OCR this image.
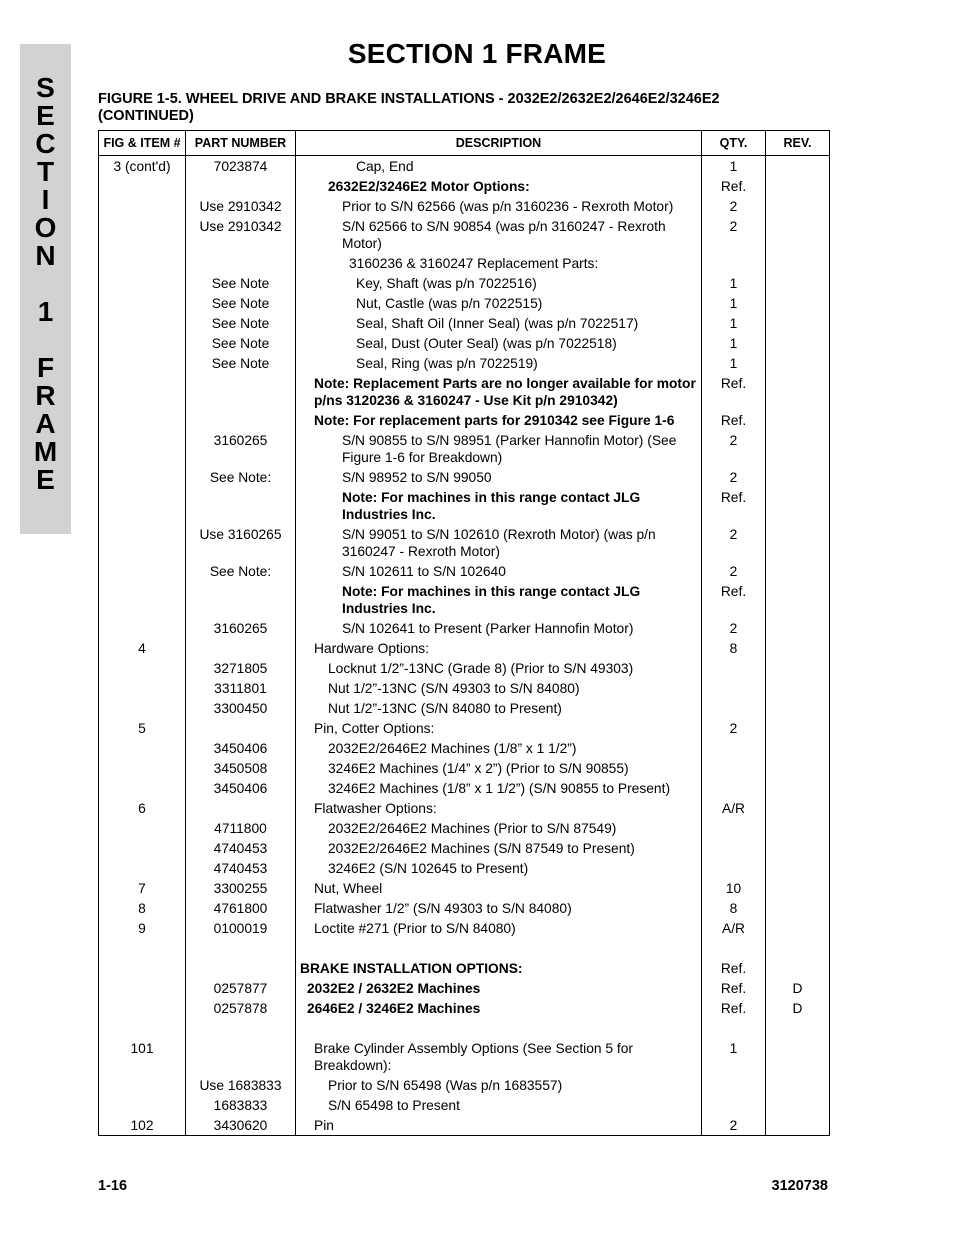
S
E
C
T
I
O
N
1
F
R
A
M
E
SECTION 1 FRAME
FIGURE 1-5. WHEEL DRIVE AND BRAKE INSTALLATIONS - 2032E2/2632E2/2646E2/3246E2 (CONTINUED)
FIG & ITEM #	PART NUMBER	DESCRIPTION	QTY.	REV.
3 (cont'd)	7023874	Cap, End	1	
		2632E2/3246E2 Motor Options:	Ref.	
	Use 2910342	Prior to S/N 62566 (was p/n 3160236 - Rexroth Motor)	2	
	Use 2910342	S/N 62566 to S/N 90854 (was p/n 3160247 - Rexroth Motor)	2	
		3160236 & 3160247 Replacement Parts:		
	See Note	Key, Shaft (was p/n 7022516)	1	
	See Note	Nut, Castle (was p/n 7022515)	1	
	See Note	Seal, Shaft Oil (Inner Seal) (was p/n 7022517)	1	
	See Note	Seal, Dust (Outer Seal) (was p/n 7022518)	1	
	See Note	Seal, Ring (was p/n 7022519)	1	
		Note: Replacement Parts are no longer available for motor p/ns 3120236 & 3160247 - Use Kit p/n 2910342)	Ref.	
		Note: For replacement parts for 2910342 see Figure 1-6	Ref.	
	3160265	S/N 90855 to S/N 98951 (Parker Hannofin Motor) (See Figure 1-6 for Breakdown)	2	
	See Note:	S/N 98952 to S/N 99050	2	
		Note: For machines in this range contact JLG Industries Inc.	Ref.	
	Use 3160265	S/N 99051 to S/N 102610 (Rexroth Motor) (was p/n 3160247 - Rexroth Motor)	2	
	See Note:	S/N 102611 to S/N 102640	2	
		Note: For machines in this range contact JLG Industries Inc.	Ref.	
	3160265	S/N 102641 to Present (Parker Hannofin Motor)	2	
4		Hardware Options:	8	
	3271805	Locknut 1/2”-13NC (Grade 8) (Prior to S/N 49303)		
	3311801	Nut 1/2”-13NC (S/N 49303 to S/N 84080)		
	3300450	Nut 1/2”-13NC (S/N 84080 to Present)		
5		Pin, Cotter Options:	2	
	3450406	2032E2/2646E2 Machines (1/8” x 1 1/2”)		
	3450508	3246E2 Machines (1/4” x 2”) (Prior to S/N 90855)		
	3450406	3246E2 Machines (1/8” x 1 1/2”) (S/N 90855 to Present)		
6		Flatwasher Options:	A/R	
	4711800	2032E2/2646E2 Machines (Prior to S/N 87549)		
	4740453	2032E2/2646E2 Machines (S/N 87549 to Present)		
	4740453	3246E2 (S/N 102645 to Present)		
7	3300255	Nut, Wheel	10	
8	4761800	Flatwasher 1/2” (S/N 49303 to S/N 84080)	8	
9	0100019	Loctite #271 (Prior to S/N 84080)	A/R	

		BRAKE INSTALLATION OPTIONS:	Ref.	
	0257877	2032E2 / 2632E2 Machines	Ref.	D
	0257878	2646E2 / 3246E2 Machines	Ref.	D

101		Brake Cylinder Assembly Options (See Section 5 for Breakdown):	1	
	Use 1683833	Prior to S/N 65498 (Was p/n 1683557)		
	1683833	S/N 65498 to Present		
102	3430620	Pin	2	
1-16	3120738
